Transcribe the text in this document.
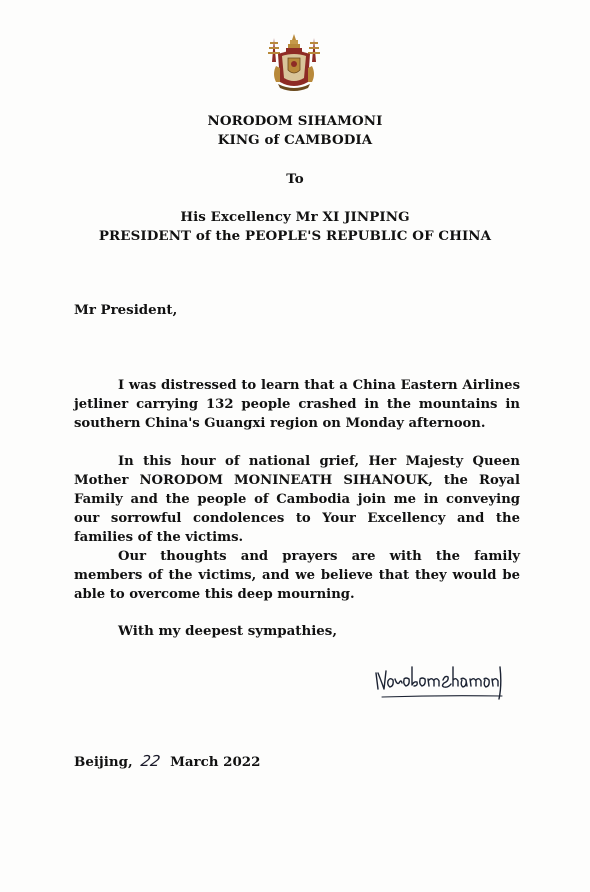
NORODOM SIHAMONI
KING of CAMBODIA
To
His Excellency Mr XI JINPING
PRESIDENT of the PEOPLE'S REPUBLIC OF CHINA
Mr President,
I was distressed to learn that a China Eastern Airlines jetliner carrying 132 people crashed in the mountains in southern China's Guangxi region on Monday afternoon.
In this hour of national grief, Her Majesty Queen Mother NORODOM MONINEATH SIHANOUK, the Royal Family and the people of Cambodia join me in conveying our sorrowful condolences to Your Excellency and the families of the victims.
Our thoughts and prayers are with the family members of the victims, and we believe that they would be able to overcome this deep mourning.
With my deepest sympathies,
Beijing, 22 March 2022
